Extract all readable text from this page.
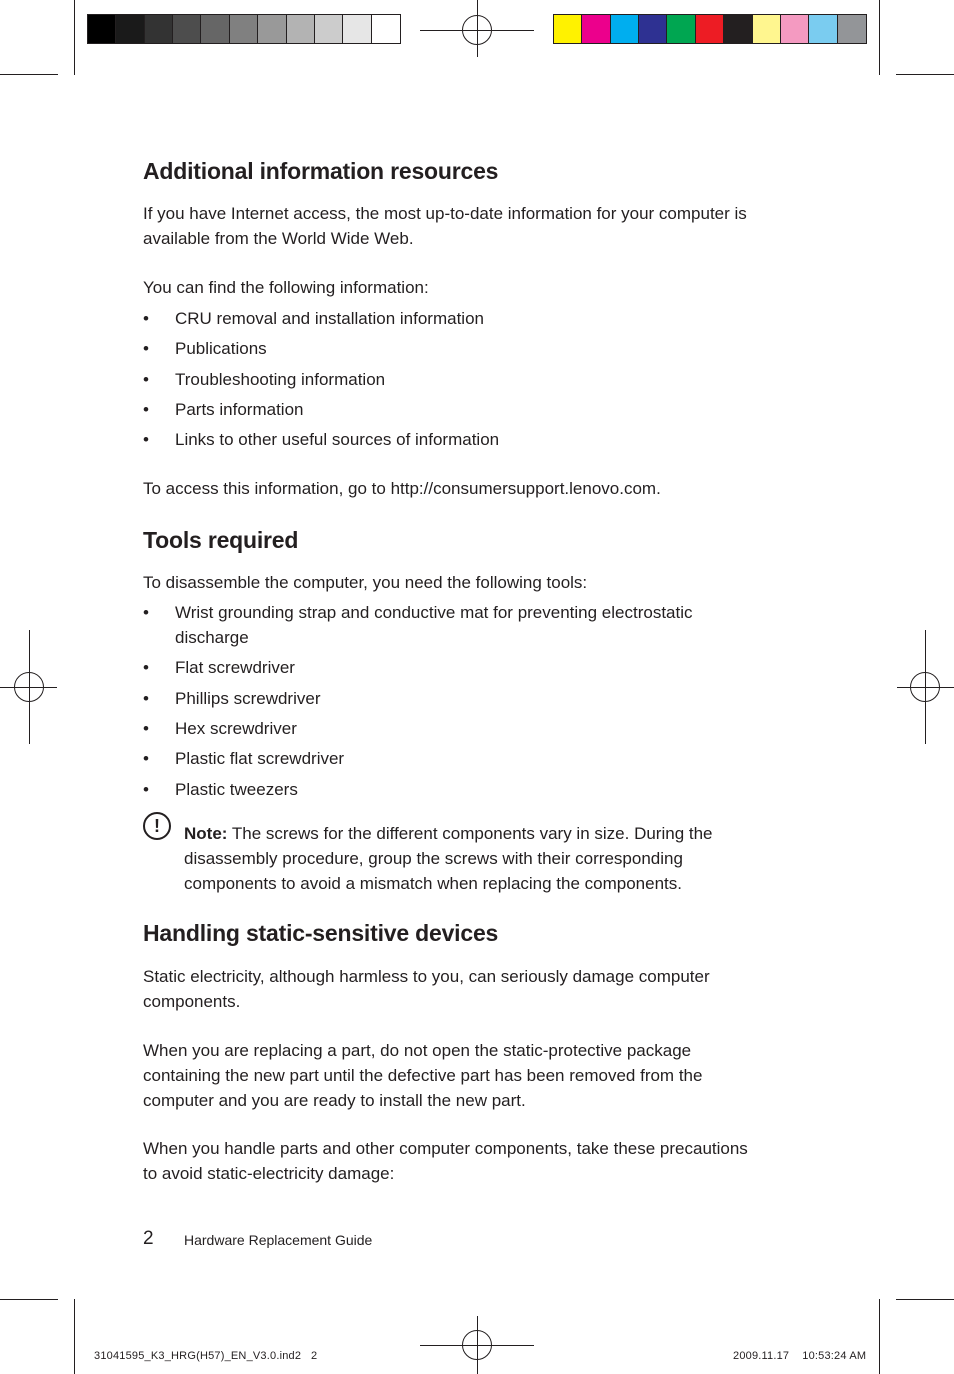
Additional information resources
If you have Internet access, the most up-to-date information for your computer is
available from the World Wide Web.
You can find the following information:
• CRU removal and installation information
• Publications
• Troubleshooting information
• Parts information
• Links to other useful sources of information
To access this information, go to http://consumersupport.lenovo.com.
Tools required
To disassemble the computer, you need the following tools:
• Wrist grounding strap and conductive mat for preventing electrostatic
discharge
• Flat screwdriver
• Phillips screwdriver
• Hex screwdriver
• Plastic flat screwdriver
• Plastic tweezers
!	Note: The screws for the different components vary in size. During the
disassembly procedure, group the screws with their corresponding
components to avoid a mismatch when replacing the components.
Handling static-sensitive devices
Static electricity, although harmless to you, can seriously damage computer
components.
When you are replacing a part, do not open the static-protective package
containing the new part until the defective part has been removed from the
computer and you are ready to install the new part.
When you handle parts and other computer components, take these precautions
to avoid static-electricity damage:
2 Hardware Replacement Guide
31041595_K3_HRG(H57)_EN_V3.0.ind2   2	2009.11.17    10:53:24 AM
